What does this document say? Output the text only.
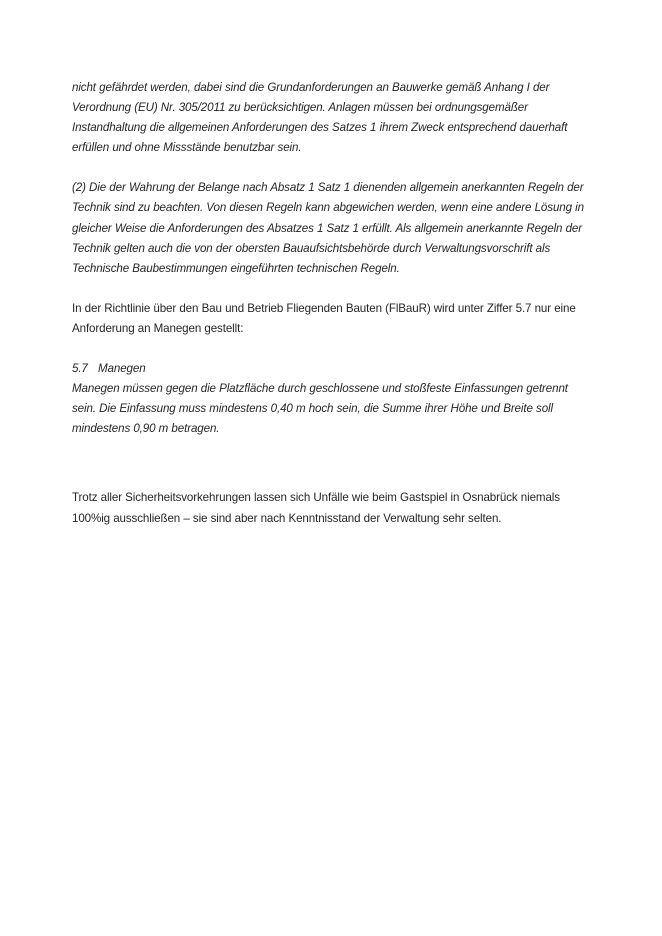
nicht gefährdet werden, dabei sind die Grundanforderungen an Bauwerke gemäß Anhang I der Verordnung (EU) Nr. 305/2011 zu berücksichtigen. Anlagen müssen bei ordnungsgemäßer Instandhaltung die allgemeinen Anforderungen des Satzes 1 ihrem Zweck entsprechend dauerhaft erfüllen und ohne Missstände benutzbar sein.

(2) Die der Wahrung der Belange nach Absatz 1 Satz 1 dienenden allgemein anerkannten Regeln der Technik sind zu beachten. Von diesen Regeln kann abgewichen werden, wenn eine andere Lösung in gleicher Weise die Anforderungen des Absatzes 1 Satz 1 erfüllt. Als allgemein anerkannte Regeln der Technik gelten auch die von der obersten Bauaufsichtsbehörde durch Verwaltungsvorschrift als Technische Baubestimmungen eingeführten technischen Regeln.

In der Richtlinie über den Bau und Betrieb Fliegenden Bauten (FlBauR) wird unter Ziffer 5.7 nur eine Anforderung an Manegen gestellt:

5.7 Manegen

Manegen müssen gegen die Platzfläche durch geschlossene und stoßfeste Einfassungen getrennt sein. Die Einfassung muss mindestens 0,40 m hoch sein, die Summe ihrer Höhe und Breite soll mindestens 0,90 m betragen.

Trotz aller Sicherheitsvorkehrungen lassen sich Unfälle wie beim Gastspiel in Osnabrück niemals 100%ig ausschließen – sie sind aber nach Kenntnisstand der Verwaltung sehr selten.
